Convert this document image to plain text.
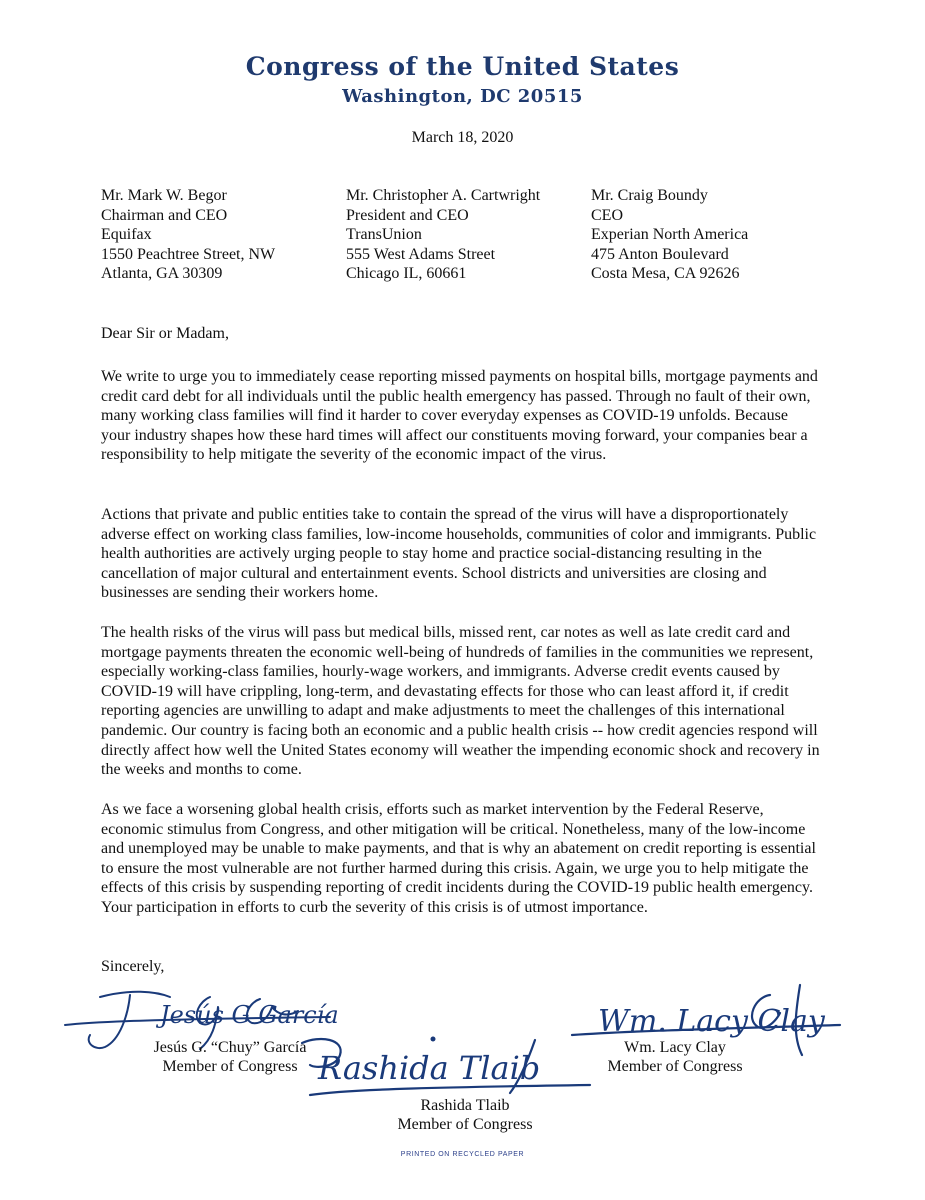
Congress of the United States
Washington, DC 20515
March 18, 2020
Mr. Mark W. Begor
Chairman and CEO
Equifax
1550 Peachtree Street, NW
Atlanta, GA 30309
Mr. Christopher A. Cartwright
President and CEO
TransUnion
555 West Adams Street
Chicago IL, 60661
Mr. Craig Boundy
CEO
Experian North America
475 Anton Boulevard
Costa Mesa, CA 92626
Dear Sir or Madam,

We write to urge you to immediately cease reporting missed payments on hospital bills, mortgage payments and credit card debt for all individuals until the public health emergency has passed. Through no fault of their own, many working class families will find it harder to cover everyday expenses as COVID-19 unfolds. Because your industry shapes how these hard times will affect our constituents moving forward, your companies bear a responsibility to help mitigate the severity of the economic impact of the virus.

Actions that private and public entities take to contain the spread of the virus will have a disproportionately adverse effect on working class families, low-income households, communities of color and immigrants. Public health authorities are actively urging people to stay home and practice social-distancing resulting in the cancellation of major cultural and entertainment events. School districts and universities are closing and businesses are sending their workers home.

The health risks of the virus will pass but medical bills, missed rent, car notes as well as late credit card and mortgage payments threaten the economic well-being of hundreds of families in the communities we represent, especially working-class families, hourly-wage workers, and immigrants. Adverse credit events caused by COVID-19 will have crippling, long-term, and devastating effects for those who can least afford it, if credit reporting agencies are unwilling to adapt and make adjustments to meet the challenges of this international pandemic. Our country is facing both an economic and a public health crisis -- how credit agencies respond will directly affect how well the United States economy will weather the impending economic shock and recovery in the weeks and months to come.

As we face a worsening global health crisis, efforts such as market intervention by the Federal Reserve, economic stimulus from Congress, and other mitigation will be critical. Nonetheless, many of the low-income and unemployed may be unable to make payments, and that is why an abatement on credit reporting is essential to ensure the most vulnerable are not further harmed during this crisis. Again, we urge you to help mitigate the effects of this crisis by suspending reporting of credit incidents during the COVID-19 public health emergency. Your participation in efforts to curb the severity of this crisis is of utmost importance.

Sincerely,
Jesús G García
Jesús G. “Chuy” García
Member of Congress
Wm. Lacy Clay
Wm. Lacy Clay
Member of Congress
Rashida Tlaib
Rashida Tlaib
Member of Congress
PRINTED ON RECYCLED PAPER
